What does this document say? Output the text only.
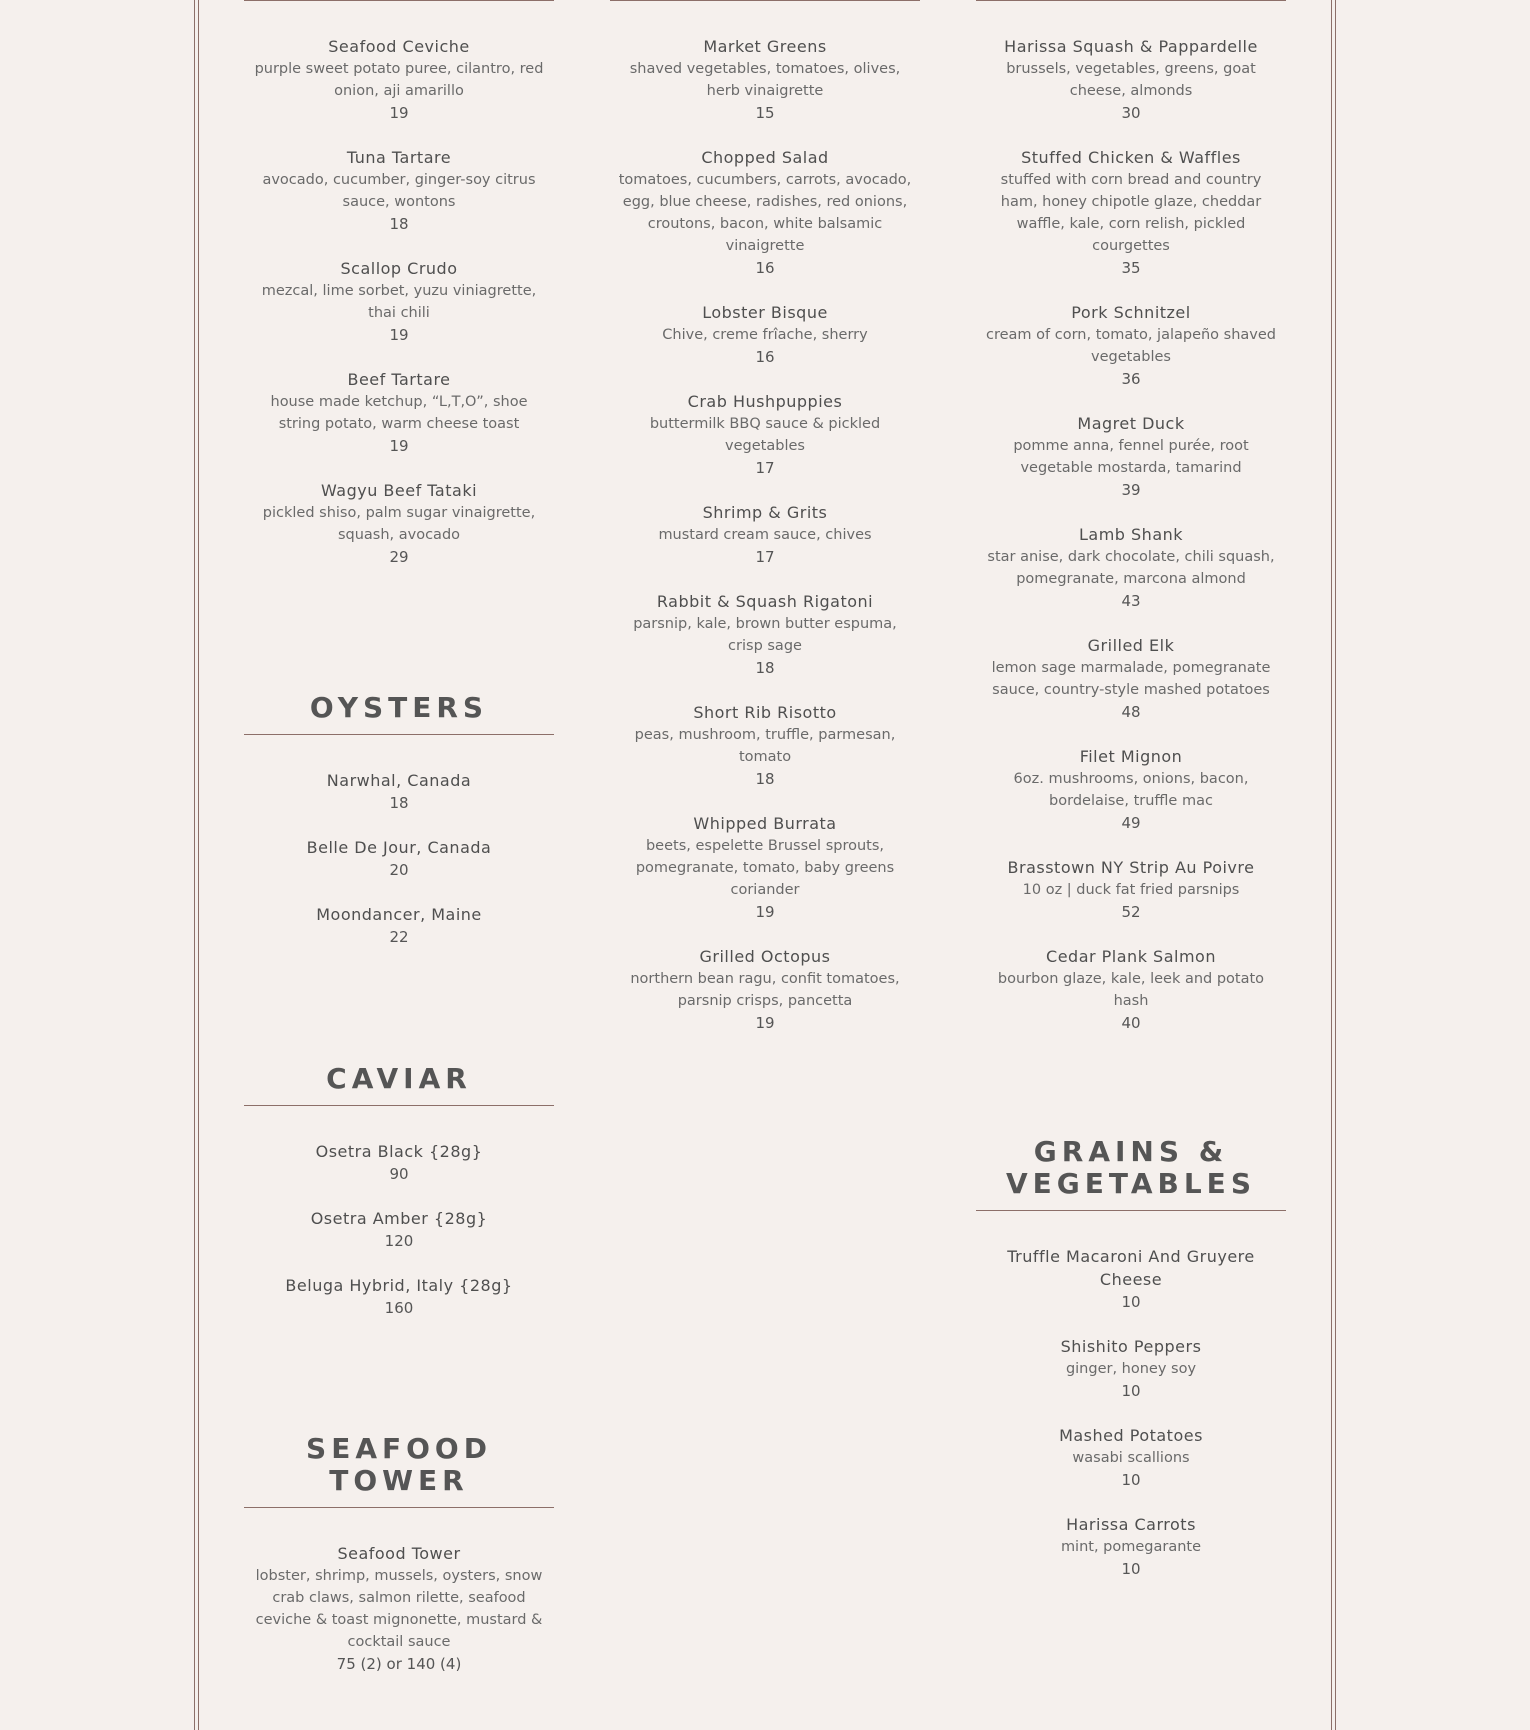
Seafood Ceviche
purple sweet potato puree, cilantro, red onion, aji amarillo
19
Tuna Tartare
avocado, cucumber, ginger-soy citrus sauce, wontons
18
Scallop Crudo
mezcal, lime sorbet, yuzu viniagrette, thai chili
19
Beef Tartare
house made ketchup, “L,T,O”, shoe string potato, warm cheese toast
19
Wagyu Beef Tataki
pickled shiso, palm sugar vinaigrette, squash, avocado
29
OYSTERS
Narwhal, Canada
18
Belle De Jour, Canada
20
Moondancer, Maine
22
CAVIAR
Osetra Black {28g}
90
Osetra Amber {28g}
120
Beluga Hybrid, Italy {28g}
160
SEAFOOD TOWER
Seafood Tower
lobster, shrimp, mussels, oysters, snow crab claws, salmon rilette, seafood ceviche & toast mignonette, mustard & cocktail sauce
75 (2) or 140 (4)
Market Greens
shaved vegetables, tomatoes, olives, herb vinaigrette
15
Chopped Salad
tomatoes, cucumbers, carrots, avocado, egg, blue cheese, radishes, red onions, croutons, bacon, white balsamic vinaigrette
16
Lobster Bisque
Chive, creme frîache, sherry
16
Crab Hushpuppies
buttermilk BBQ sauce & pickled vegetables
17
Shrimp & Grits
mustard cream sauce, chives
17
Rabbit & Squash Rigatoni
parsnip, kale, brown butter espuma, crisp sage
18
Short Rib Risotto
peas, mushroom, truffle, parmesan, tomato
18
Whipped Burrata
beets, espelette Brussel sprouts, pomegranate, tomato, baby greens coriander
19
Grilled Octopus
northern bean ragu, confit tomatoes, parsnip crisps, pancetta
19
Harissa Squash & Pappardelle
brussels, vegetables, greens, goat cheese, almonds
30
Stuffed Chicken & Waffles
stuffed with corn bread and country ham, honey chipotle glaze, cheddar waffle, kale, corn relish, pickled courgettes
35
Pork Schnitzel
cream of corn, tomato, jalapeño shaved vegetables
36
Magret Duck
pomme anna, fennel purée, root vegetable mostarda, tamarind
39
Lamb Shank
star anise, dark chocolate, chili squash, pomegranate, marcona almond
43
Grilled Elk
lemon sage marmalade, pomegranate sauce, country-style mashed potatoes
48
Filet Mignon
6oz. mushrooms, onions, bacon, bordelaise, truffle mac
49
Brasstown NY Strip Au Poivre
10 oz | duck fat fried parsnips
52
Cedar Plank Salmon
bourbon glaze, kale, leek and potato hash
40
GRAINS & VEGETABLES
Truffle Macaroni And Gruyere Cheese
10
Shishito Peppers
ginger, honey soy
10
Mashed Potatoes
wasabi scallions
10
Harissa Carrots
mint, pomegarante
10
